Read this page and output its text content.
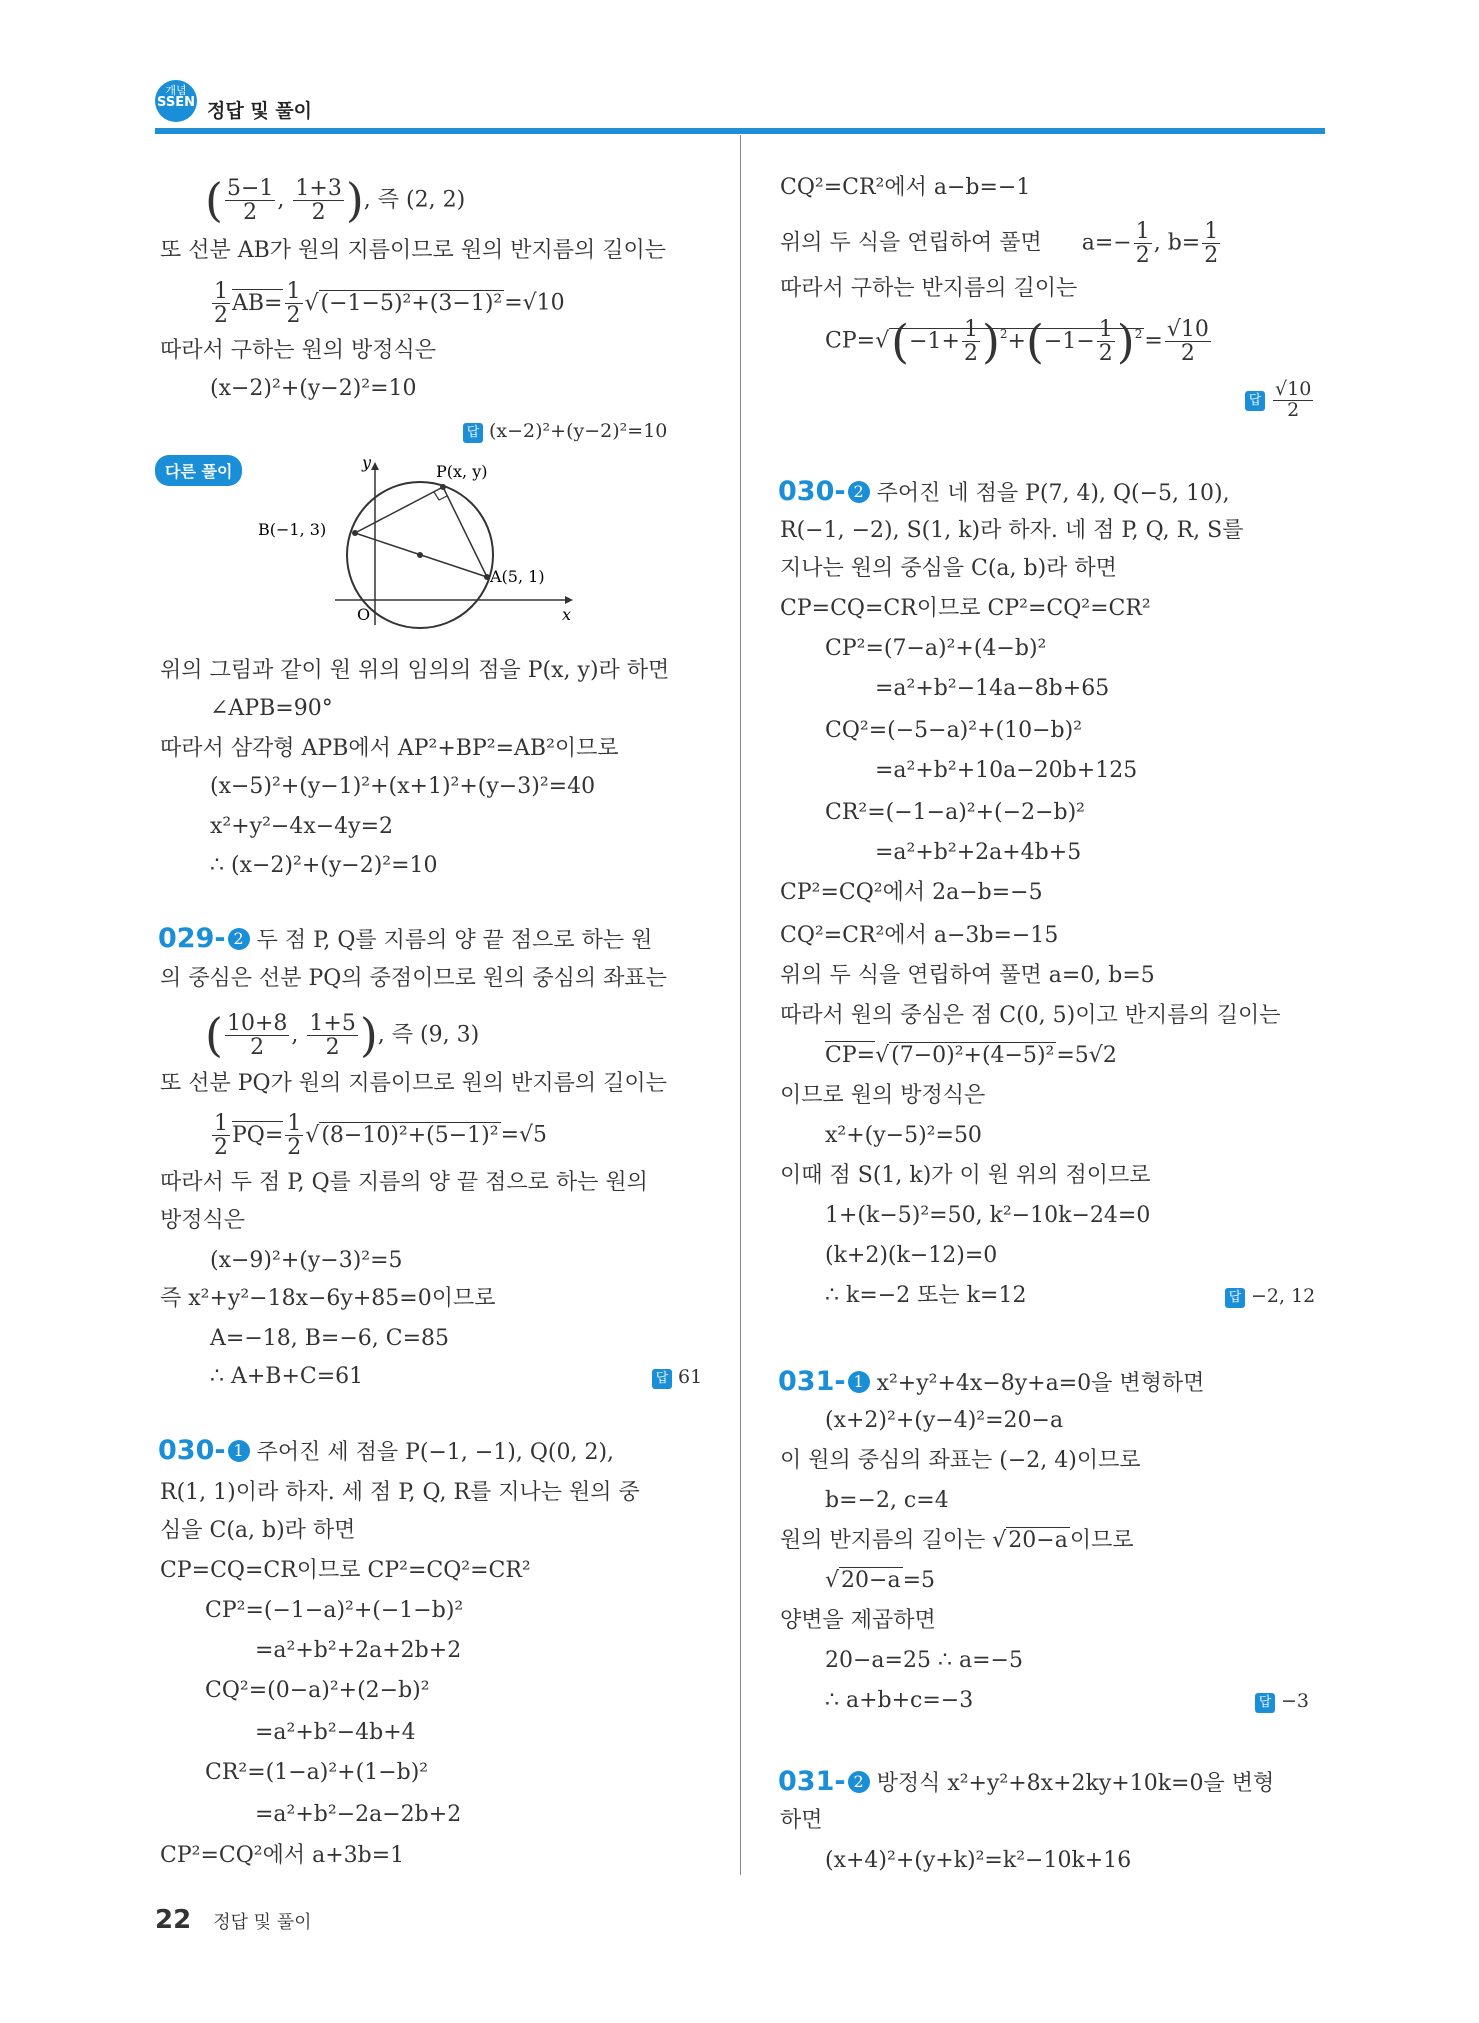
개념
SSEN 정답 및 풀이
( $\frac{5-1}{2}$ , $\frac{1+3}{2}$ ), 즉 (2, 2)
또 선분 AB가 원의 지름이므로 원의 반지름의 길이는
$\frac{1}{2} AB= \frac{1}{2} √(-1-5)^2+(3-1)^2=√10$
따라서 구하는 원의 방정식은
(x−2)²+(y−2)²=10
답 (x−2)²+(y−2)²=10
다른 풀이	y
x
O
P(x, y)
B(−1, 3)
A(5, 1)
위의 그림과 같이 원 위의 임의의 점을 P(x, y)라 하면
∠APB=90°
따라서 삼각형 APB에서 AP²+BP²=AB²이므로
(x−5)²+(y−1)²+(x+1)²+(y−3)²=40
x²+y²−4x−4y=2
∴ (x−2)²+(y−2)²=10
029- 2 두 점 P, Q를 지름의 양 끝 점으로 하는 원
의 중심은 선분 PQ의 중점이므로 원의 중심의 좌표는
( $\frac{10+8}{2}$ , $\frac{1+5}{2}$ ), 즉 (9, 3)
또 선분 PQ가 원의 지름이므로 원의 반지름의 길이는
$\frac{1}{2} PQ= \frac{1}{2} √(8-10)^2+(5-1)^2=√5$
따라서 두 점 P, Q를 지름의 양 끝 점으로 하는 원의
방정식은
(x−9)²+(y−3)²=5
즉 x²+y²−18x−6y+85=0이므로
A=−18, B=−6, C=85
∴ A+B+C=61	답 61
030- 1 주어진 세 점을 P(−1, −1), Q(0, 2),
R(1, 1)이라 하자. 세 점 P, Q, R를 지나는 원의 중
심을 C(a, b)라 하면
CP=CQ=CR이므로 CP²=CQ²=CR²
CP²=(−1−a)²+(−1−b)²
=a²+b²+2a+2b+2
CQ²=(0−a)²+(2−b)²
=a²+b²−4b+4
CR²=(1−a)²+(1−b)²
=a²+b²−2a−2b+2
CP²=CQ²에서 a+3b=1
CQ²=CR²에서 a−b=−1
위의 두 식을 연립하여 풀면 $a=- \frac{1}{2}$ , $b= \frac{1}{2}$
따라서 구하는 반지름의 길이는
$CP=√(-1+ \frac{1}{2} )^2+(-1- \frac{1}{2} )^2= \frac{√10}{2}$
답 $\frac{√10}{2}$
030- 2 주어진 네 점을 P(7, 4), Q(−5, 10),
R(−1, −2), S(1, k)라 하자. 네 점 P, Q, R, S를
지나는 원의 중심을 C(a, b)라 하면
CP=CQ=CR이므로 CP²=CQ²=CR²
CP²=(7−a)²+(4−b)²
=a²+b²−14a−8b+65
CQ²=(−5−a)²+(10−b)²
=a²+b²+10a−20b+125
CR²=(−1−a)²+(−2−b)²
=a²+b²+2a+4b+5
CP²=CQ²에서 2a−b=−5
CQ²=CR²에서 a−3b=−15
위의 두 식을 연립하여 풀면 a=0, b=5
따라서 원의 중심은 점 C(0, 5)이고 반지름의 길이는
CP=√(7−0)²+(4−5)²=5√2
이므로 원의 방정식은
x²+(y−5)²=50
이때 점 S(1, k)가 이 원 위의 점이므로
1+(k−5)²=50, k²−10k−24=0
(k+2)(k−12)=0
∴ k=−2 또는 k=12	답 −2, 12
031- 1 x²+y²+4x−8y+a=0을 변형하면
(x+2)²+(y−4)²=20−a
이 원의 중심의 좌표는 (−2, 4)이므로
b=−2, c=4
원의 반지름의 길이는 √20−a이므로
√20−a=5
양변을 제곱하면
20−a=25 ∴ a=−5
∴ a+b+c=−3	답 −3
031- 2 방정식 x²+y²+8x+2ky+10k=0을 변형
하면
(x+4)²+(y+k)²=k²−10k+16
22 정답 및 풀이
